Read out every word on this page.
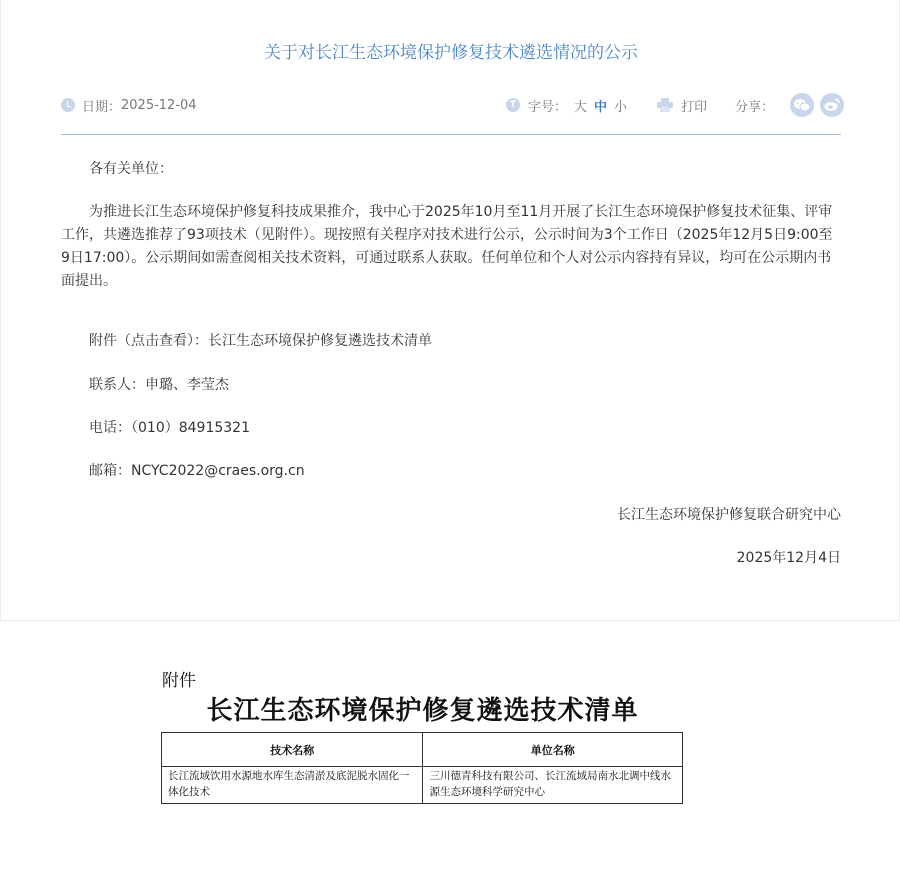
关于对长江生态环境保护修复技术遴选情况的公示
日期： 2025-12-04	T 字号： 大 中 小	打印 分享：
各有关单位：
为推进长江生态环境保护修复科技成果推介，我中心于2025年10月至11月开展了长江生态环境保护修复技术征集、评审工作，共遴选推荐了93项技术（见附件）。现按照有关程序对技术进行公示，公示时间为3个工作日（2025年12月5日9:00至9日17:00）。公示期间如需查阅相关技术资料，可通过联系人获取。任何单位和个人对公示内容持有异议，均可在公示期内书面提出。
附件（点击查看）：长江生态环境保护修复遴选技术清单
联系人：申璐、李莹杰
电话：（010）84915321
邮箱：NCYC2022@craes.org.cn
长江生态环境保护修复联合研究中心
2025年12月4日
附件
长江生态环境保护修复遴选技术清单
技术名称	单位名称
长江流域饮用水源地水库生态清淤及底泥脱水固化一体化技术	三川德青科技有限公司、长江流域局南水北调中线水源生态环境科学研究中心
